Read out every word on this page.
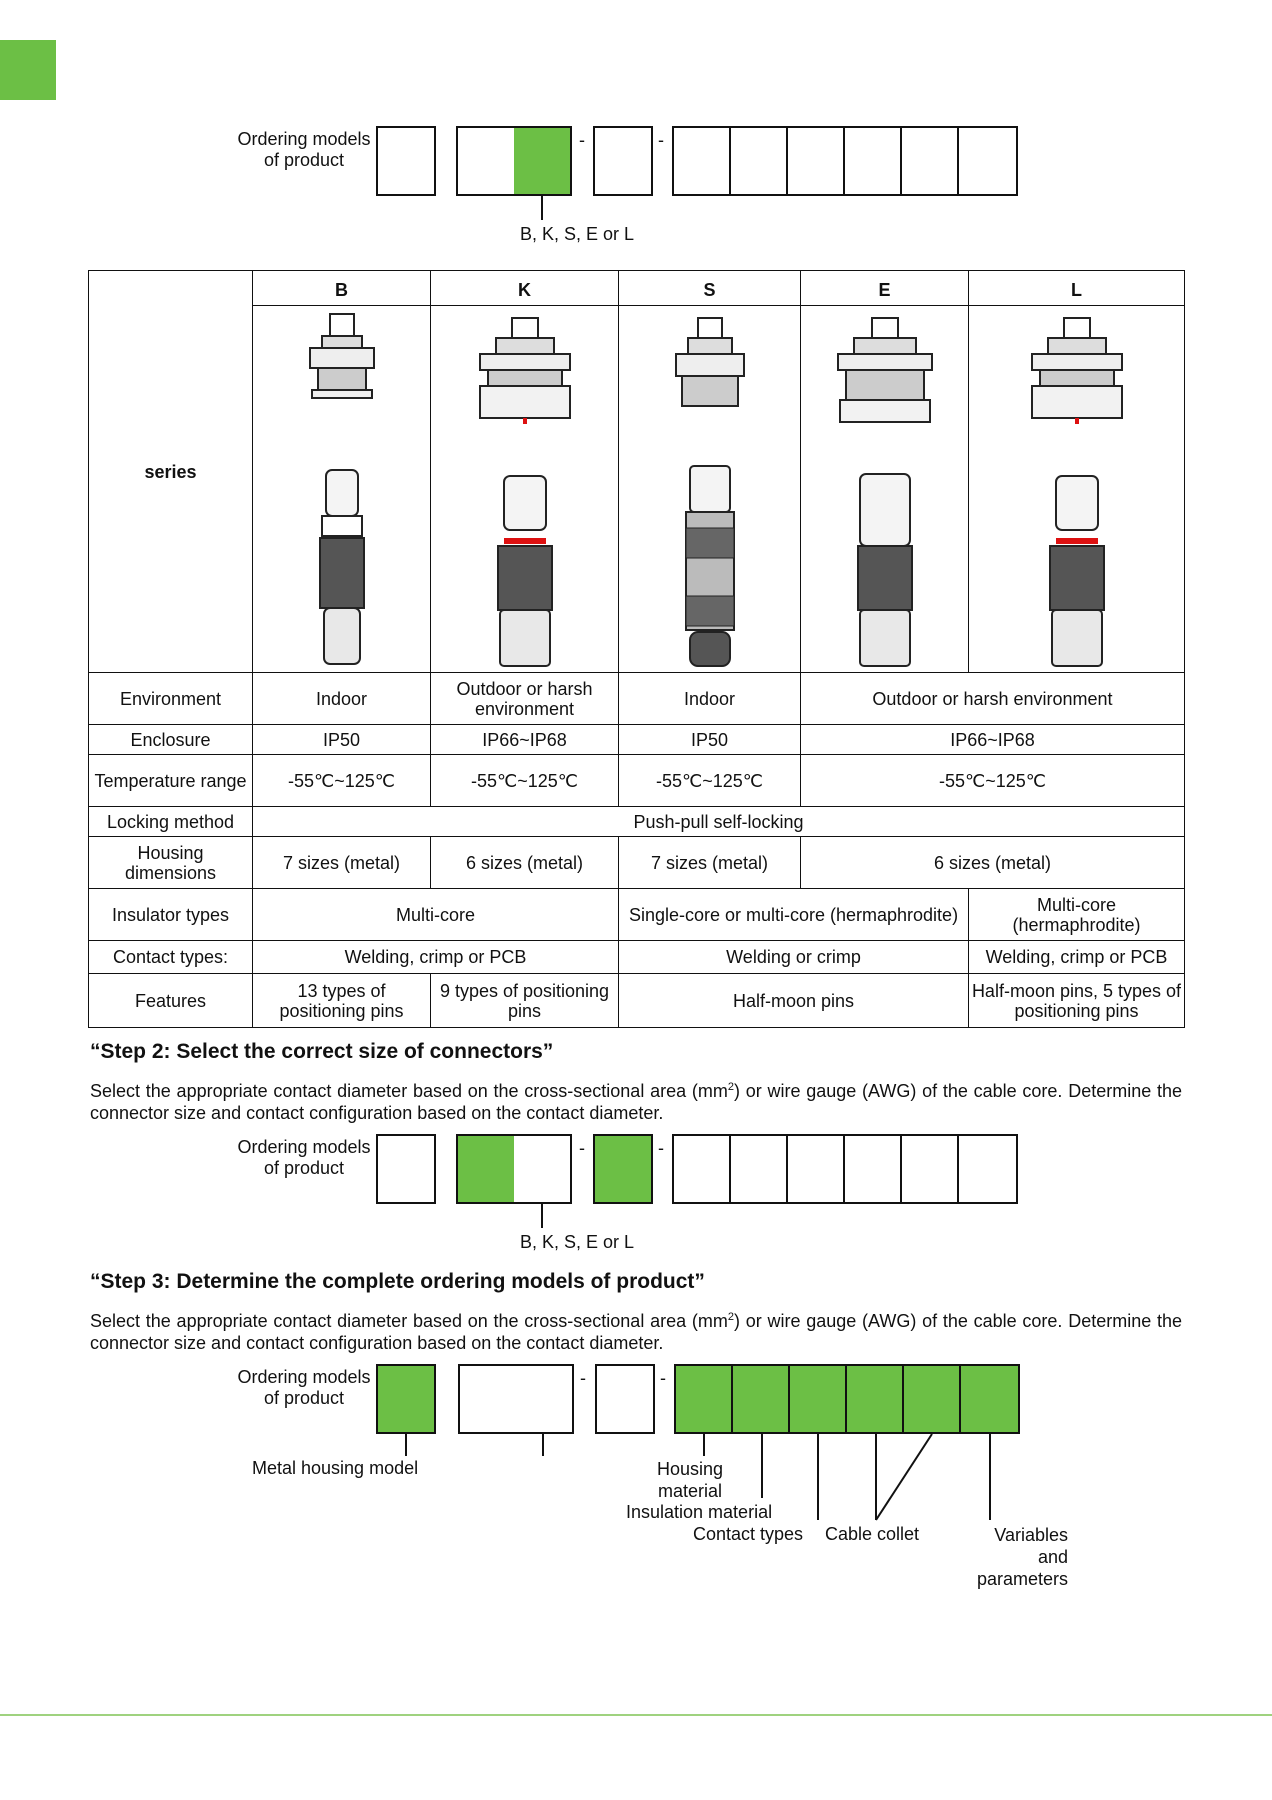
Ordering models of product
-	-
B, K, S, E or L
series	B	K	S	E	L

Environment	Indoor	Outdoor or harsh environment	Indoor	Outdoor or harsh environment	
Enclosure	IP50	IP66~IP68	IP50	IP66~IP68	
Temperature range	-55℃~125℃	-55℃~125℃	-55℃~125℃	-55℃~125℃	
Locking method	Push-pull self-locking				
Housing dimensions	7 sizes (metal)	6 sizes (metal)	7 sizes (metal)	6 sizes (metal)	
Insulator types	Multi-core		Single-core or multi-core (hermaphrodite)		Multi-core (hermaphrodite)
Contact types:	Welding, crimp or PCB		Welding or crimp		Welding, crimp or PCB
Features	13 types of positioning pins	9 types of positioning pins	Half-moon pins		Half-moon pins, 5 types of positioning pins
“Step 2: Select the correct size of connectors”

Select the appropriate contact diameter based on the cross-sectional area $(mm^2)$ or wire gauge (AWG) of the cable core. Determine the connector size and contact configuration based on the contact diameter.

Ordering models of product
-	-
B, K, S, E or L
“Step 3: Determine the complete ordering models of product”

Select the appropriate contact diameter based on the cross-sectional area $(mm^2)$ or wire gauge (AWG) of the cable core. Determine the connector size and contact configuration based on the contact diameter.

Ordering models of product
-	-
Metal housing model	Housing material
Insulation material
Contact types Cable collet	Variables and parameters
